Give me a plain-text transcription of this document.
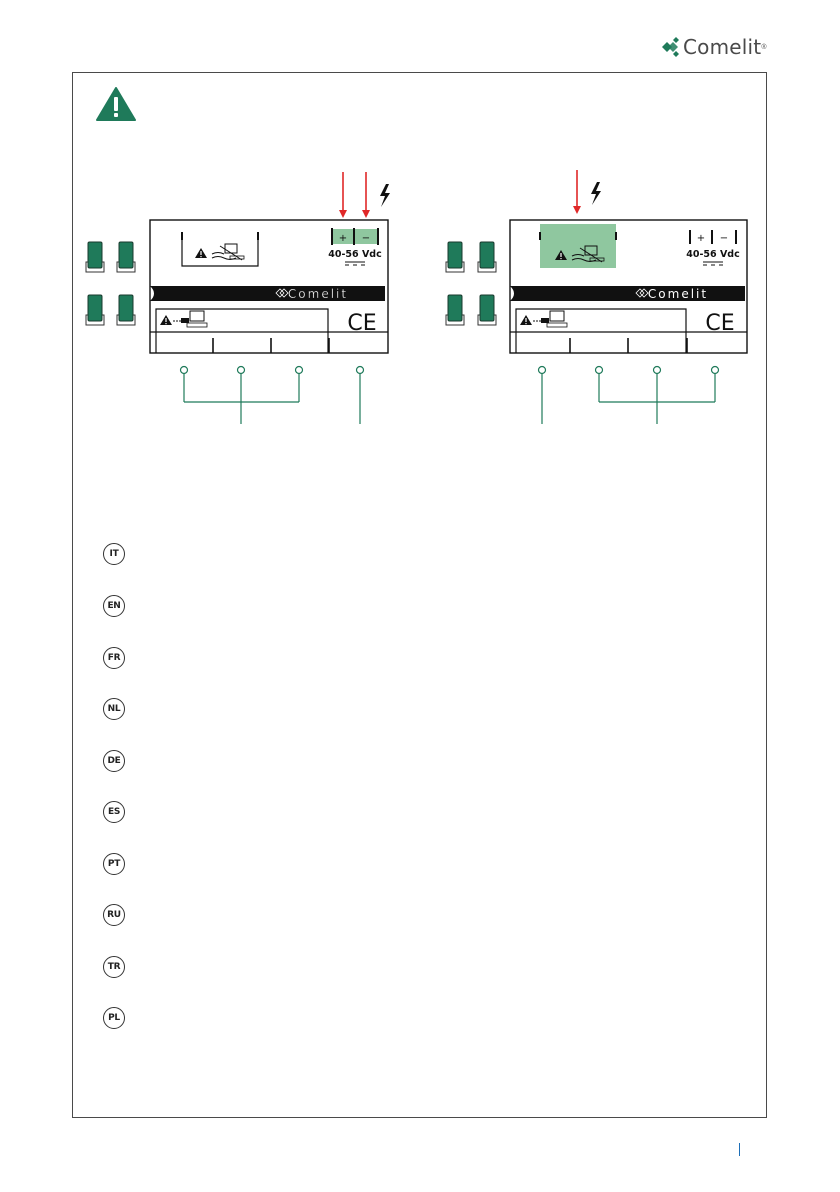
Comelit ®
+ −
40-56 Vdc
Comelit
CE
+ −
40-56 Vdc
Comelit
CE
IT
EN
FR
NL
DE
ES
PT
RU
TR
PL
